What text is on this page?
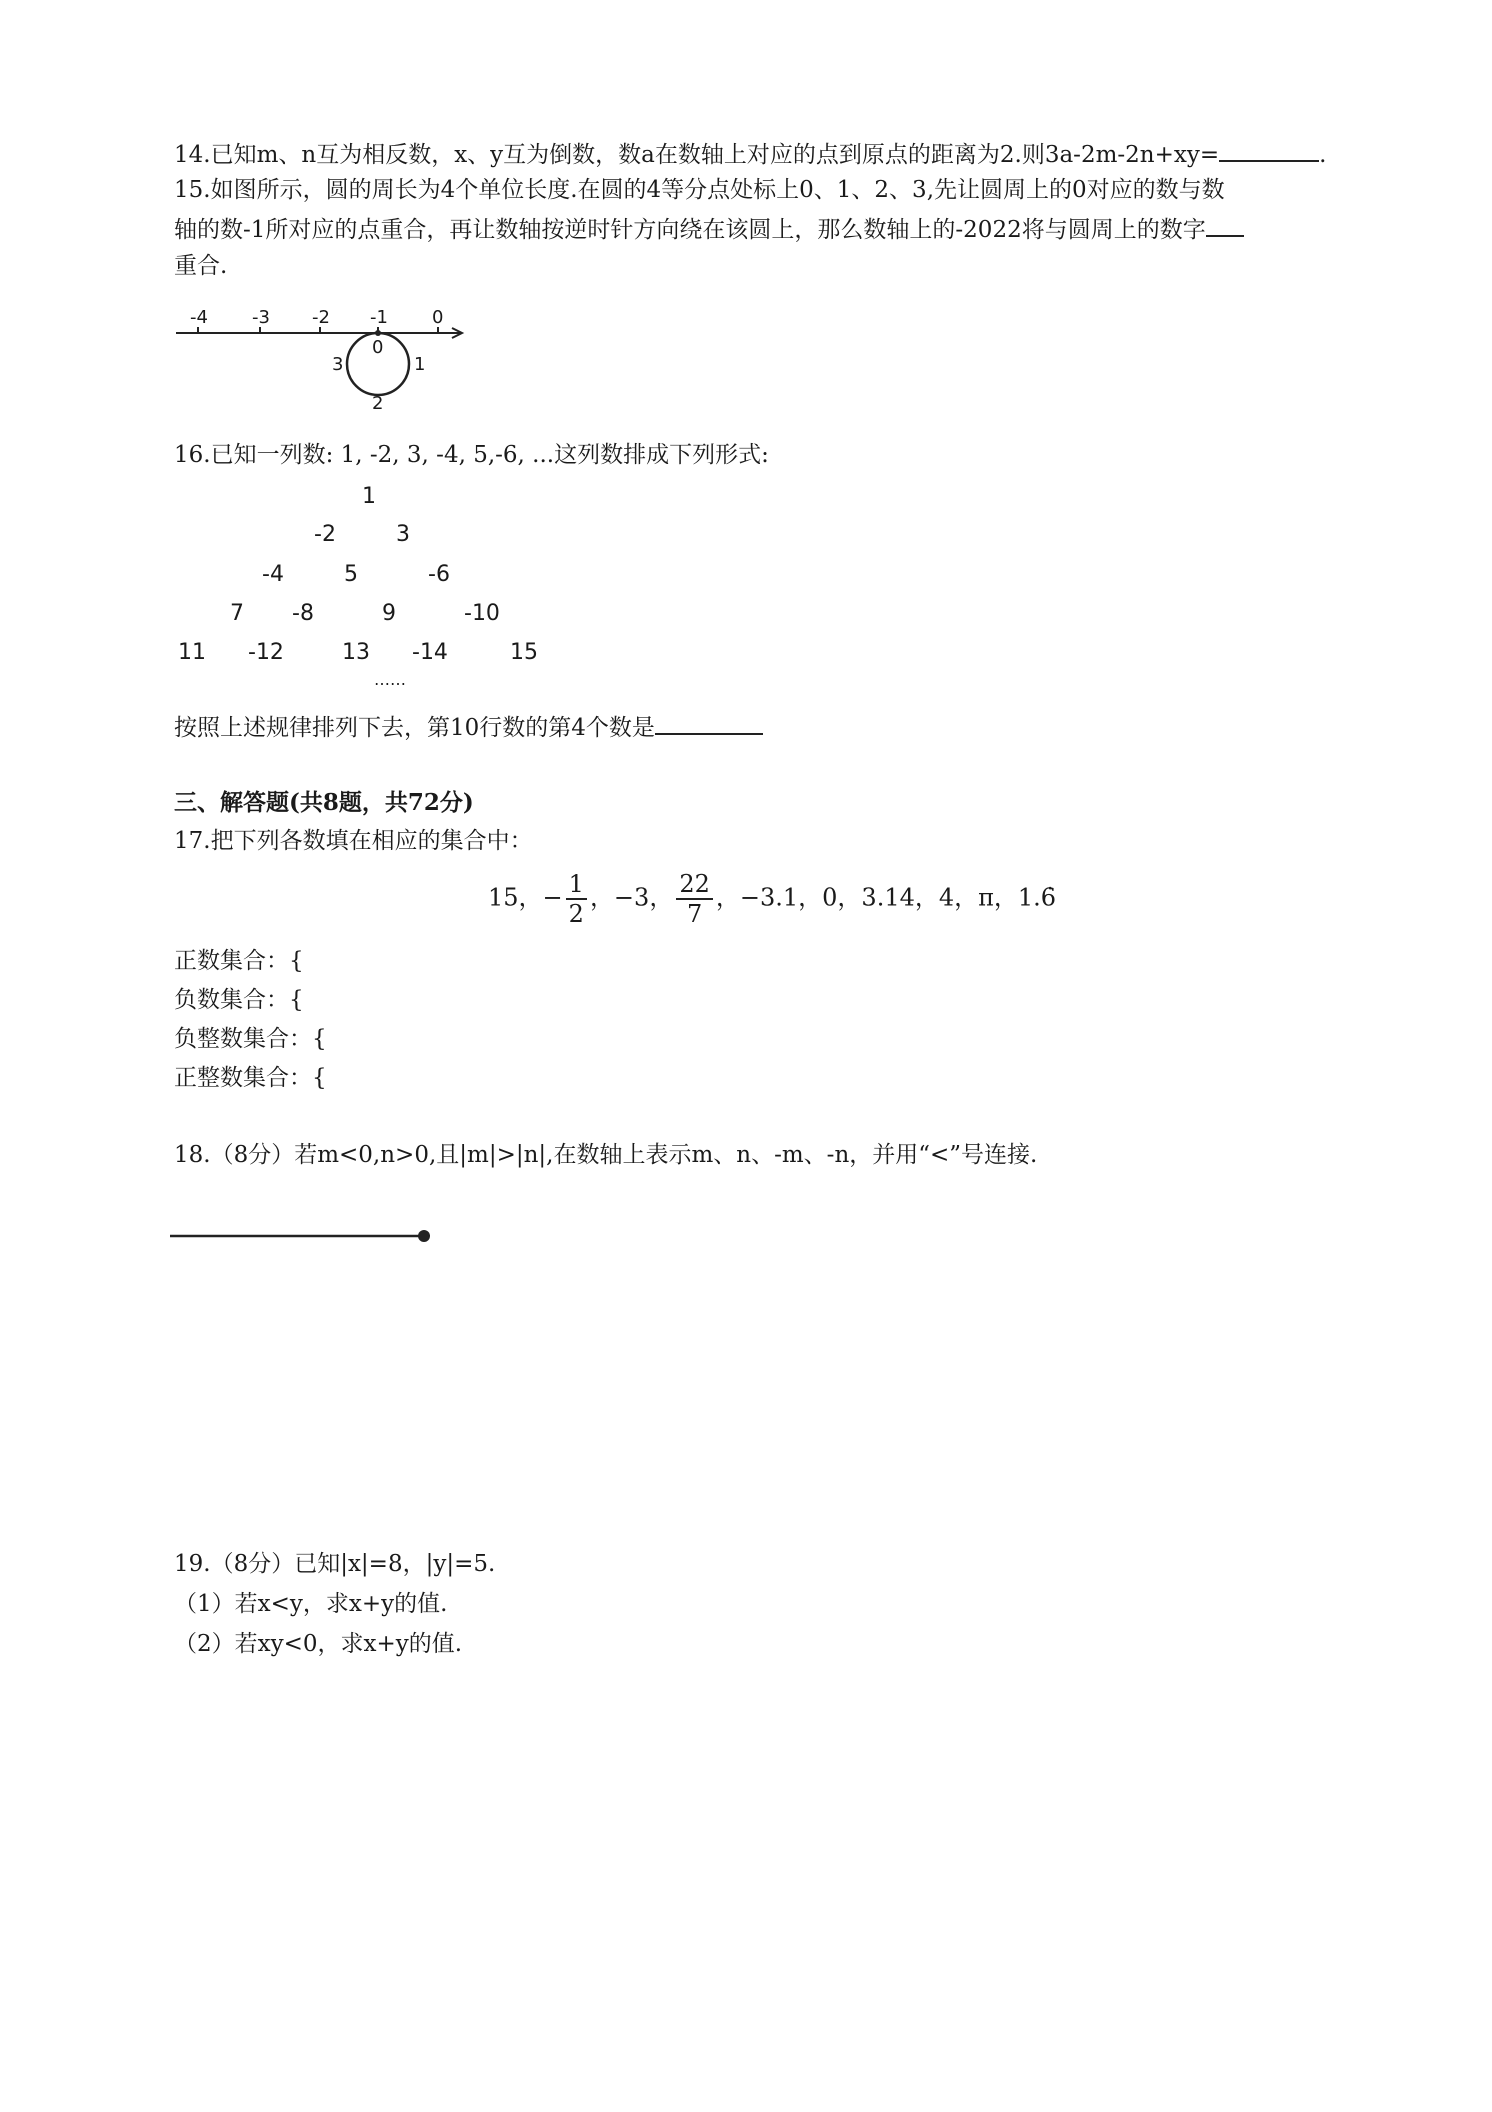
14.已知m、n互为相反数，x、y互为倒数，数a在数轴上对应的点到原点的距离为2.则3a-2m-2n+xy=	.
15.如图所示，圆的周长为4个单位长度.在圆的4等分点处标上0、1、2、3,先让圆周上的0对应的数与数
轴的数-1所对应的点重合，再让数轴按逆时针方向绕在该圆上，那么数轴上的-2022将与圆周上的数字
重合.
-4 -3 -2 -1 0
0
1
2
3
16.已知一列数: 1, -2, 3, -4, 5,-6, ...这列数排成下列形式:
1
-2	3
-4	5	-6
7 -8	9	-10
11 -12	13 -14	15
……
按照上述规律排列下去，第10行数的第4个数是
三、解答题(共8题，共72分)
17.把下列各数填在相应的集合中：
15，− $\frac{1}{2}$ ，−3， $\frac{22}{7}$ ，−3.1，0，3.14，4，π，1.6̇
正数集合：{
负数集合：{
负整数集合：{
正整数集合：{
18.（8分）若m<0,n>0,且|m|>|n|,在数轴上表示m、n、-m、-n，并用“<”号连接.
19.（8分）已知|x|=8，|y|=5.
（1）若x<y，求x+y的值.
（2）若xy<0，求x+y的值.
